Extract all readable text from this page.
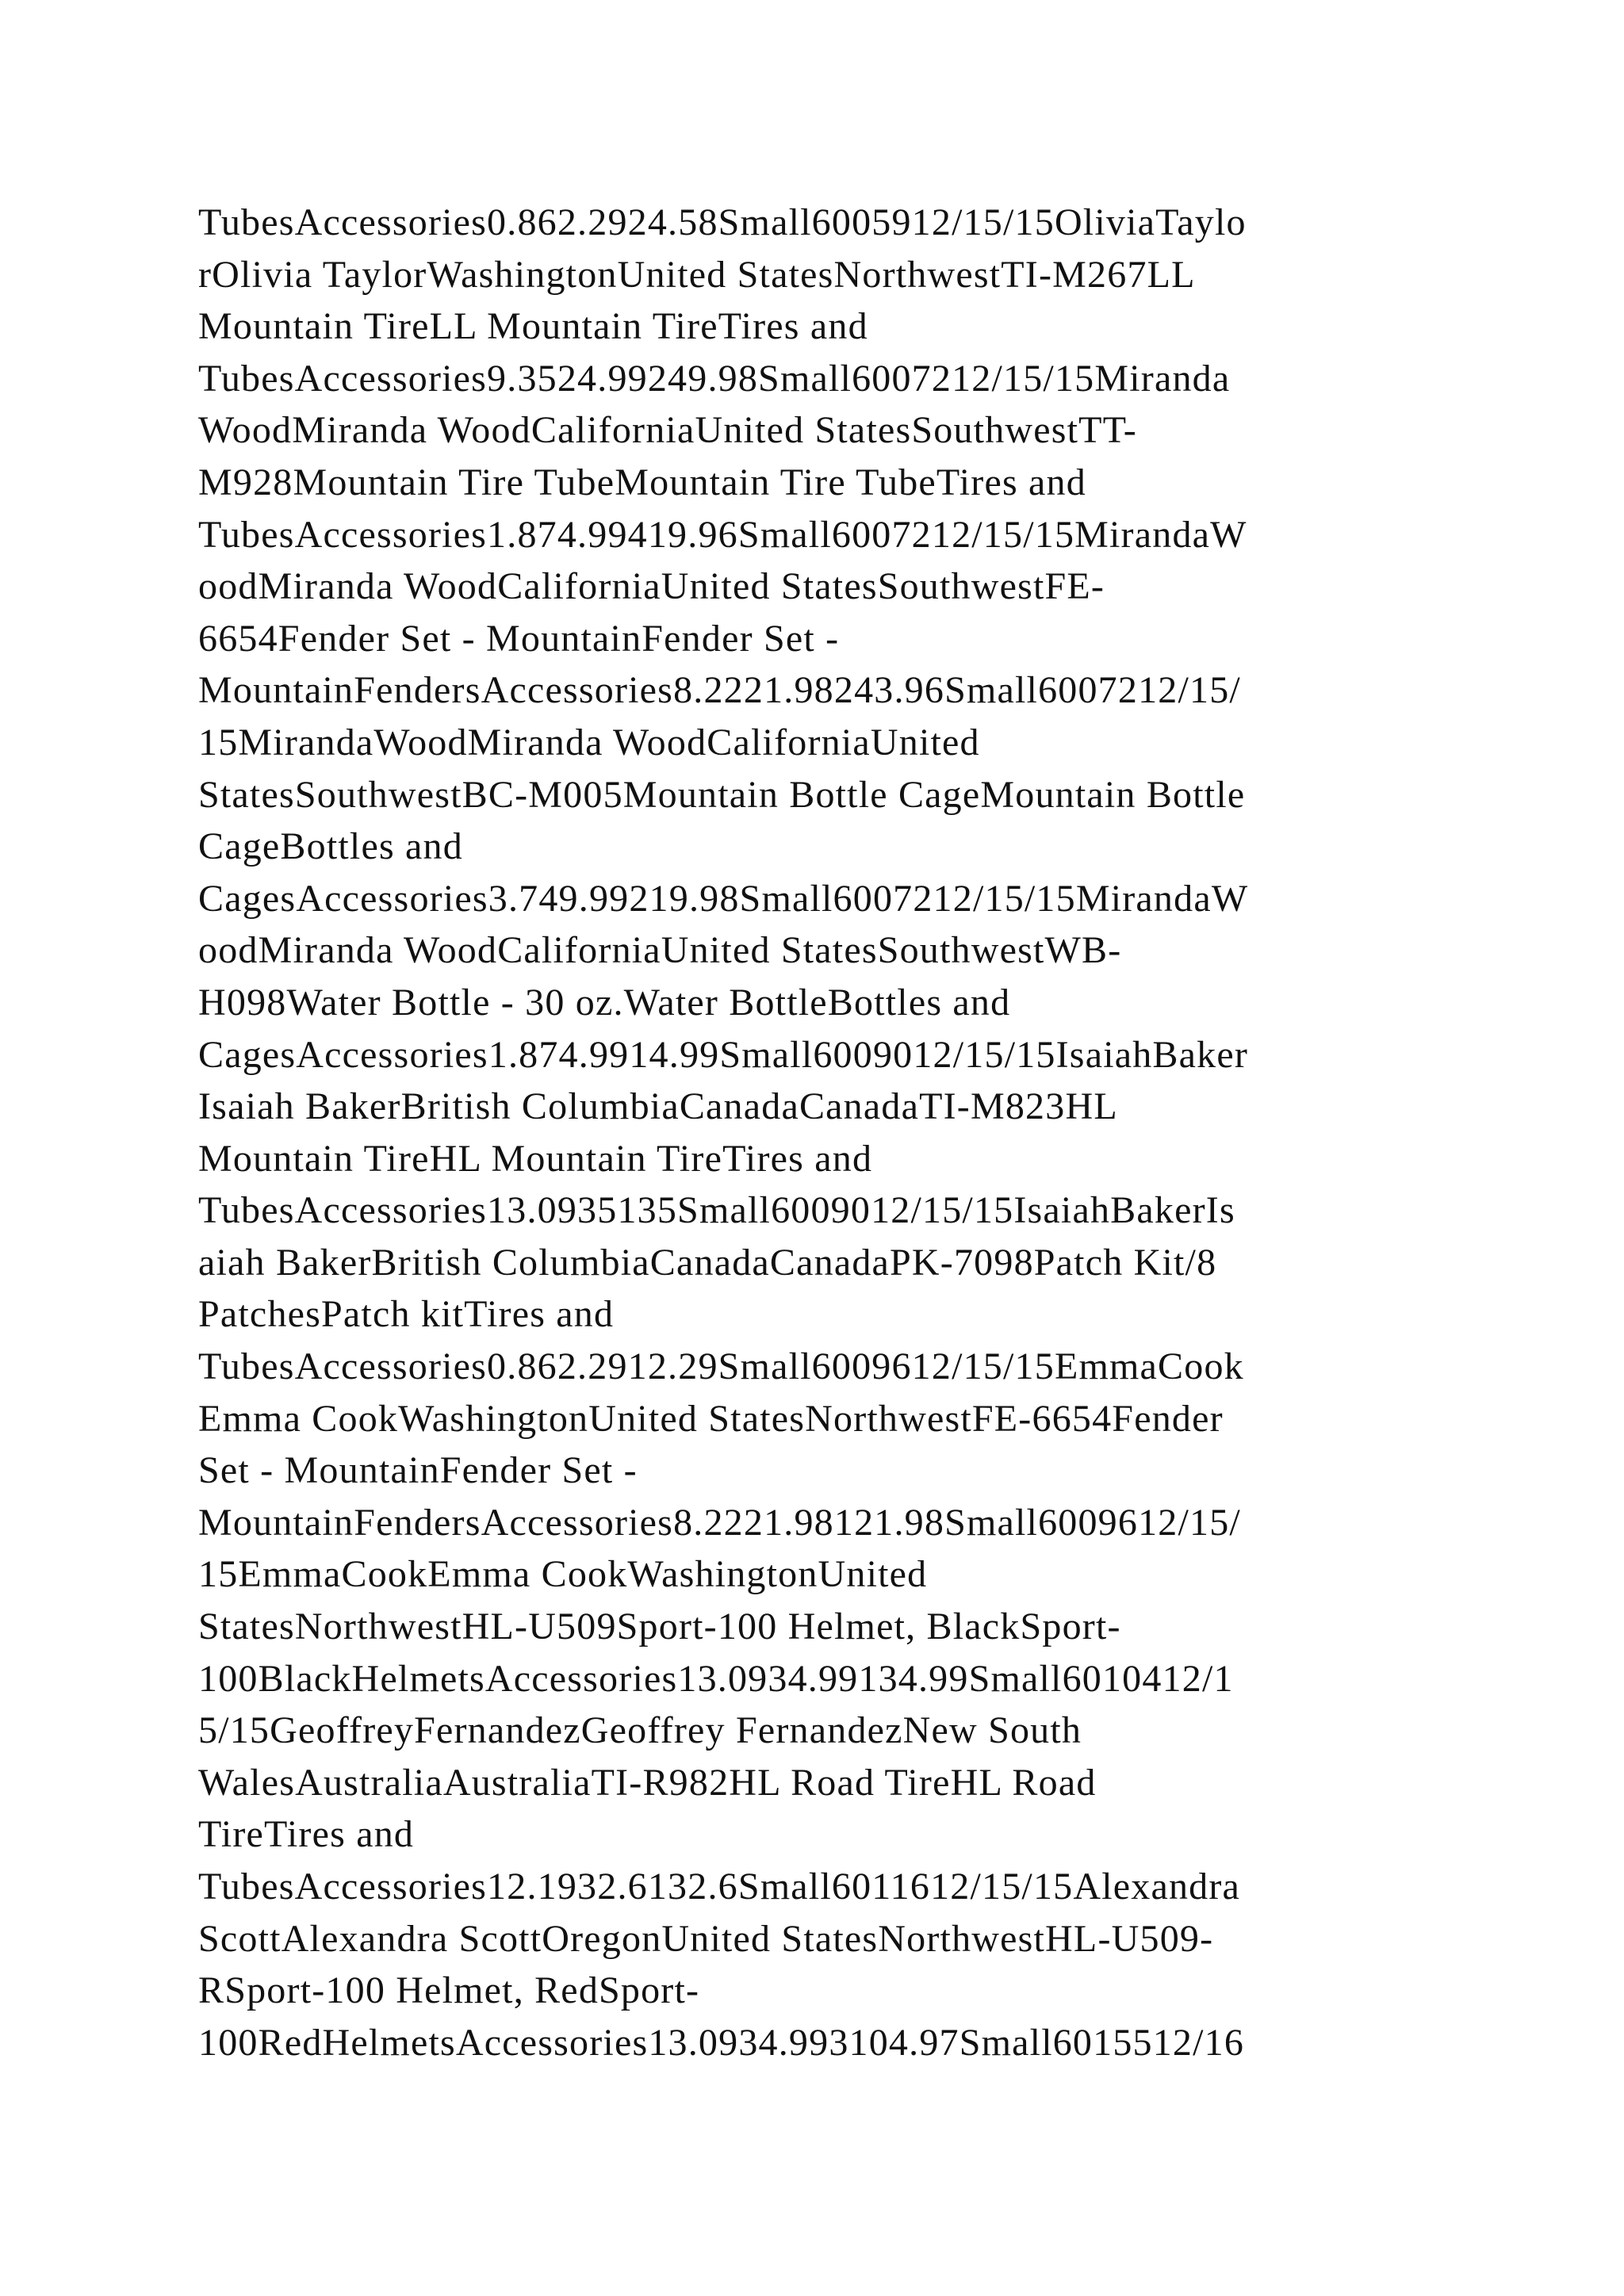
TubesAccessories0.862.2924.58Small6005912/15/15OliviaTaylo
rOlivia TaylorWashingtonUnited StatesNorthwestTI-M267LL
Mountain TireLL Mountain TireTires and
TubesAccessories9.3524.99249.98Small6007212/15/15Miranda
WoodMiranda WoodCaliforniaUnited StatesSouthwestTT-
M928Mountain Tire TubeMountain Tire TubeTires and
TubesAccessories1.874.99419.96Small6007212/15/15MirandaW
oodMiranda WoodCaliforniaUnited StatesSouthwestFE-
6654Fender Set - MountainFender Set -
MountainFendersAccessories8.2221.98243.96Small6007212/15/
15MirandaWoodMiranda WoodCaliforniaUnited
StatesSouthwestBC-M005Mountain Bottle CageMountain Bottle
CageBottles and
CagesAccessories3.749.99219.98Small6007212/15/15MirandaW
oodMiranda WoodCaliforniaUnited StatesSouthwestWB-
H098Water Bottle - 30 oz.Water BottleBottles and
CagesAccessories1.874.9914.99Small6009012/15/15IsaiahBaker
Isaiah BakerBritish ColumbiaCanadaCanadaTI-M823HL
Mountain TireHL Mountain TireTires and
TubesAccessories13.0935135Small6009012/15/15IsaiahBakerIs
aiah BakerBritish ColumbiaCanadaCanadaPK-7098Patch Kit/8
PatchesPatch kitTires and
TubesAccessories0.862.2912.29Small6009612/15/15EmmaCook
Emma CookWashingtonUnited StatesNorthwestFE-6654Fender
Set - MountainFender Set -
MountainFendersAccessories8.2221.98121.98Small6009612/15/
15EmmaCookEmma CookWashingtonUnited
StatesNorthwestHL-U509Sport-100 Helmet, BlackSport-
100BlackHelmetsAccessories13.0934.99134.99Small6010412/1
5/15GeoffreyFernandezGeoffrey FernandezNew South
WalesAustraliaAustraliaTI-R982HL Road TireHL Road
TireTires and
TubesAccessories12.1932.6132.6Small6011612/15/15Alexandra
ScottAlexandra ScottOregonUnited StatesNorthwestHL-U509-
RSport-100 Helmet, RedSport-
100RedHelmetsAccessories13.0934.993104.97Small6015512/16
